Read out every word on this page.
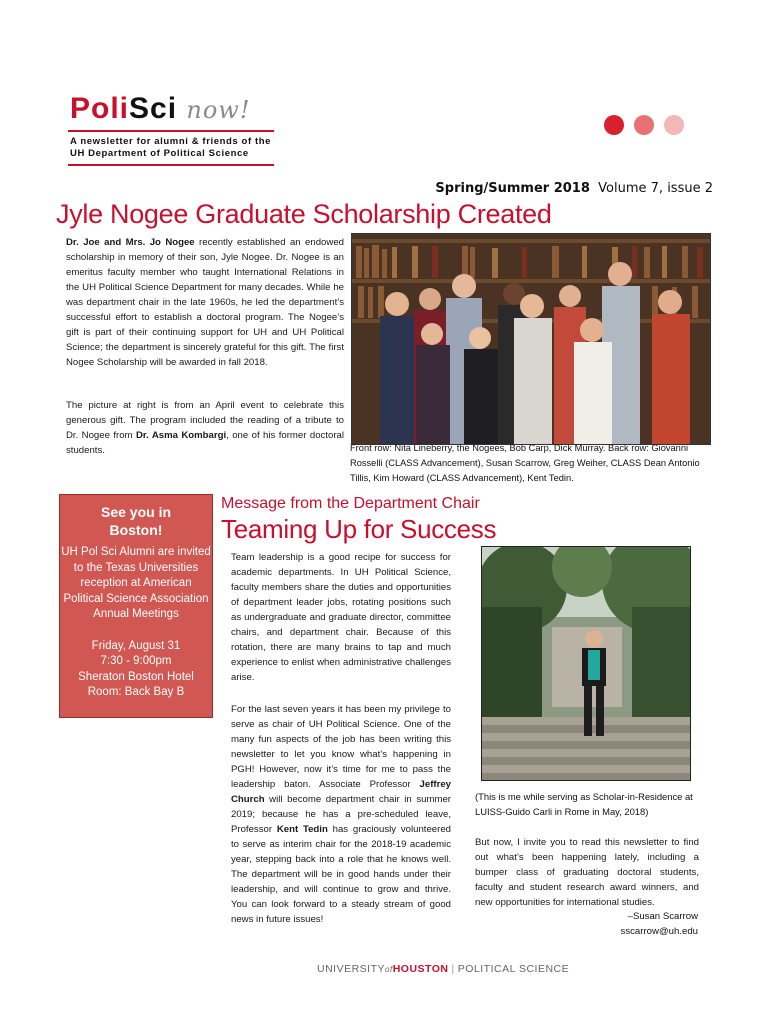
PoliSci now!
A newsletter for alumni & friends of the
UH Department of Political Science
Spring/Summer 2018 Volume 7, issue 2
Jyle Nogee Graduate Scholarship Created
Dr. Joe and Mrs. Jo Nogee recently established an endowed scholarship in memory of their son, Jyle Nogee. Dr. Nogee is an emeritus faculty member who taught International Relations in the UH Political Science Department for many decades. While he was department chair in the late 1960s, he led the department’s successful effort to establish a doctoral program. The Nogee’s gift is part of their continuing support for UH and UH Political Science; the department is sincerely grateful for this gift. The first Nogee Scholarship will be awarded in fall 2018.
The picture at right is from an April event to celebrate this generous gift. The program included the reading of a tribute to Dr. Nogee from Dr. Asma Kombargi, one of his former doctoral students.	Front row: Nita Lineberry, the Nogees, Bob Carp, Dick Murray. Back row: Giovanni Rosselli (CLASS Advancement), Susan Scarrow, Greg Weiher, CLASS Dean Antonio Tillis, Kim Howard (CLASS Advancement), Kent Tedin.
See you in
Boston!
UH Pol Sci Alumni are invited to the Texas Universities reception at American Political Science Association Annual Meetings
Friday, August 31
7:30 - 9:00pm
Sheraton Boston Hotel
Room: Back Bay B
Message from the Department Chair
Teaming Up for Success
Team leadership is a good recipe for success for academic departments. In UH Political Science, faculty members share the duties and opportunities of department leader jobs, rotating positions such as undergraduate and graduate director, committee chairs, and department chair. Because of this rotation, there are many brains to tap and much experience to enlist when administrative challenges arise.
For the last seven years it has been my privilege to serve as chair of UH Political Science. One of the many fun aspects of the job has been writing this newsletter to let you know what’s happening in PGH! However, now it’s time for me to pass the leadership baton. Associate Professor Jeffrey Church will become department chair in summer 2019; because he has a pre-scheduled leave, Professor Kent Tedin has graciously volunteered to serve as interim chair for the 2018-19 academic year, stepping back into a role that he knows well. The department will be in good hands under their leadership, and will continue to grow and thrive. You can look forward to a steady stream of good news in future issues!
(This is me while serving as Scholar-in-Residence at LUISS-Guido Carli in Rome in May, 2018)
But now, I invite you to read this newsletter to find out what’s been happening lately, including a bumper class of graduating doctoral students, faculty and student research award winners, and new opportunities for international studies.
–Susan Scarrow
sscarrow@uh.edu
UNIVERSITYofHOUSTON | POLITICAL SCIENCE
